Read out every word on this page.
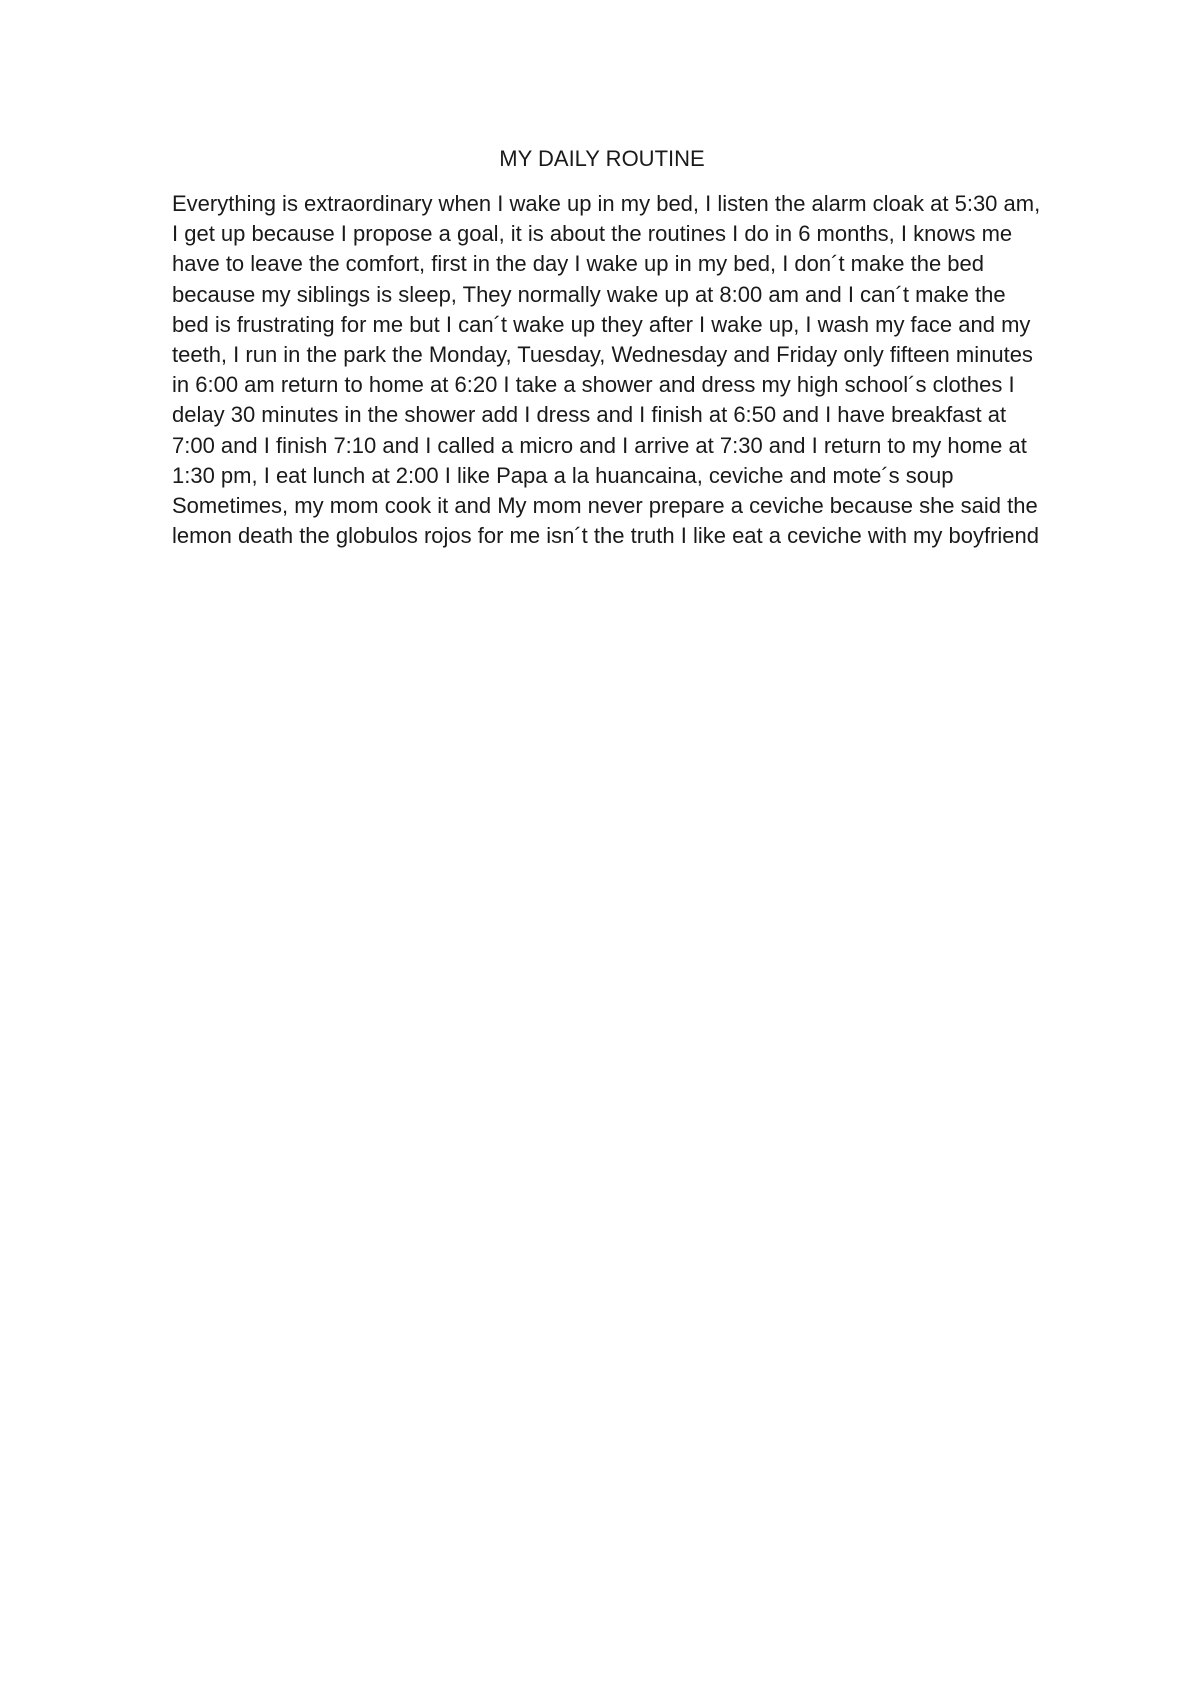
MY DAILY ROUTINE

Everything is extraordinary when I wake up in my bed, I listen the alarm cloak at 5:30 am, I get up because I propose a goal, it is about the routines I do in 6 months, I knows me have to leave the comfort, first in the day I wake up in my bed, I don´t make the bed because my siblings is sleep, They normally wake up at 8:00 am and I can´t make the bed is frustrating for me but I can´t wake up they after I wake up, I wash my face and my teeth, I run in the park the Monday, Tuesday, Wednesday and Friday only fifteen minutes in 6:00 am return to home at 6:20 I take a shower and dress my high school´s clothes I delay 30 minutes in the shower add I dress and I finish at 6:50 and I have breakfast at 7:00 and I finish 7:10 and I called a micro and I arrive at 7:30 and I return to my home at 1:30 pm, I eat lunch at 2:00 I like Papa a la huancaina, ceviche and mote´s soup Sometimes, my mom cook it and My mom never prepare a ceviche because she said the lemon death the globulos rojos for me isn´t the truth I like eat a ceviche with my boyfriend
